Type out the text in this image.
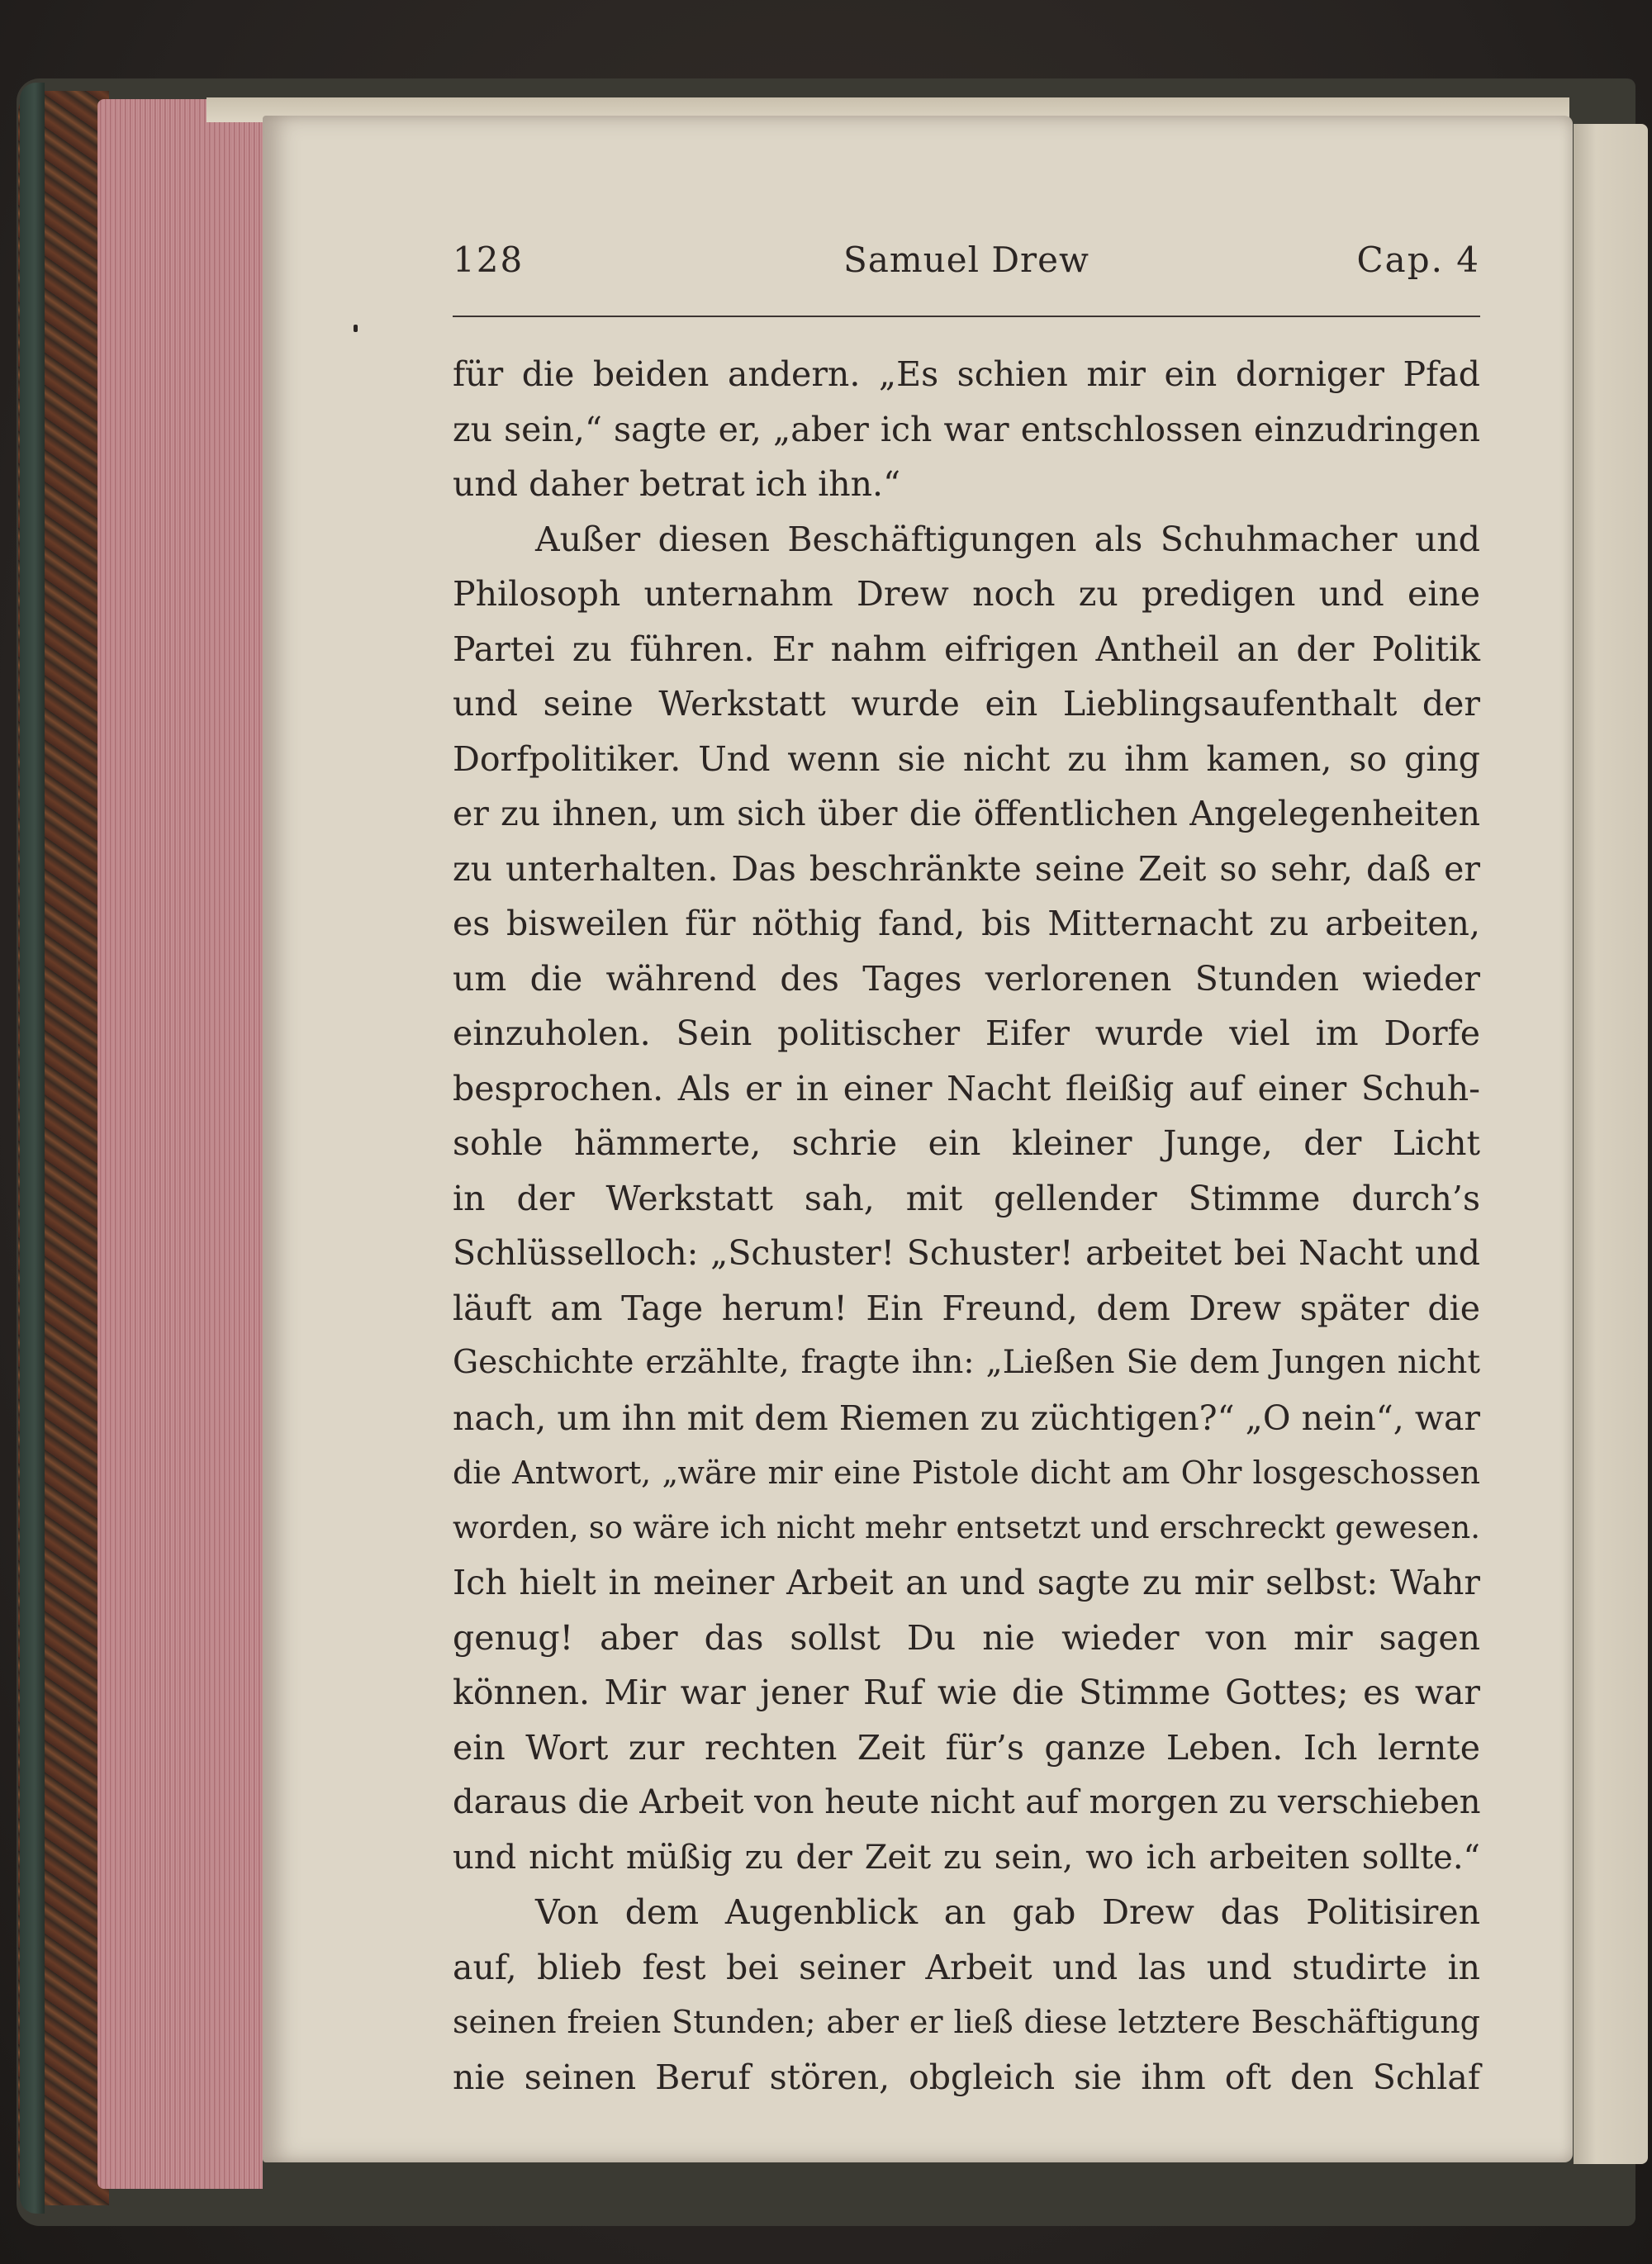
128	Samuel Drew	Cap. 4
für die beiden andern. „Es schien mir ein dorniger Pfad
zu sein,“ sagte er, „aber ich war entschlossen einzudringen
und daher betrat ich ihn.“
Außer diesen Beschäftigungen als Schuhmacher und
Philosoph unternahm Drew noch zu predigen und eine
Partei zu führen. Er nahm eifrigen Antheil an der Politik
und seine Werkstatt wurde ein Lieblingsaufenthalt der
Dorfpolitiker. Und wenn sie nicht zu ihm kamen, so ging
er zu ihnen, um sich über die öffentlichen Angelegenheiten
zu unterhalten. Das beschränkte seine Zeit so sehr, daß er
es bisweilen für nöthig fand, bis Mitternacht zu arbeiten,
um die während des Tages verlorenen Stunden wieder
einzuholen. Sein politischer Eifer wurde viel im Dorfe
besprochen. Als er in einer Nacht fleißig auf einer Schuh-
sohle hämmerte, schrie ein kleiner Junge, der Licht
in der Werkstatt sah, mit gellender Stimme durch’s
Schlüsselloch: „Schuster! Schuster! arbeitet bei Nacht und
läuft am Tage herum! Ein Freund, dem Drew später die
Geschichte erzählte, fragte ihn: „Ließen Sie dem Jungen nicht
nach, um ihn mit dem Riemen zu züchtigen?“ „O nein“, war
die Antwort, „wäre mir eine Pistole dicht am Ohr losgeschossen
worden, so wäre ich nicht mehr entsetzt und erschreckt gewesen.
Ich hielt in meiner Arbeit an und sagte zu mir selbst: Wahr
genug! aber das sollst Du nie wieder von mir sagen
können. Mir war jener Ruf wie die Stimme Gottes; es war
ein Wort zur rechten Zeit für’s ganze Leben. Ich lernte
daraus die Arbeit von heute nicht auf morgen zu verschieben
und nicht müßig zu der Zeit zu sein, wo ich arbeiten sollte.“
Von dem Augenblick an gab Drew das Politisiren
auf, blieb fest bei seiner Arbeit und las und studirte in
seinen freien Stunden; aber er ließ diese letztere Beschäftigung
nie seinen Beruf stören, obgleich sie ihm oft den Schlaf
